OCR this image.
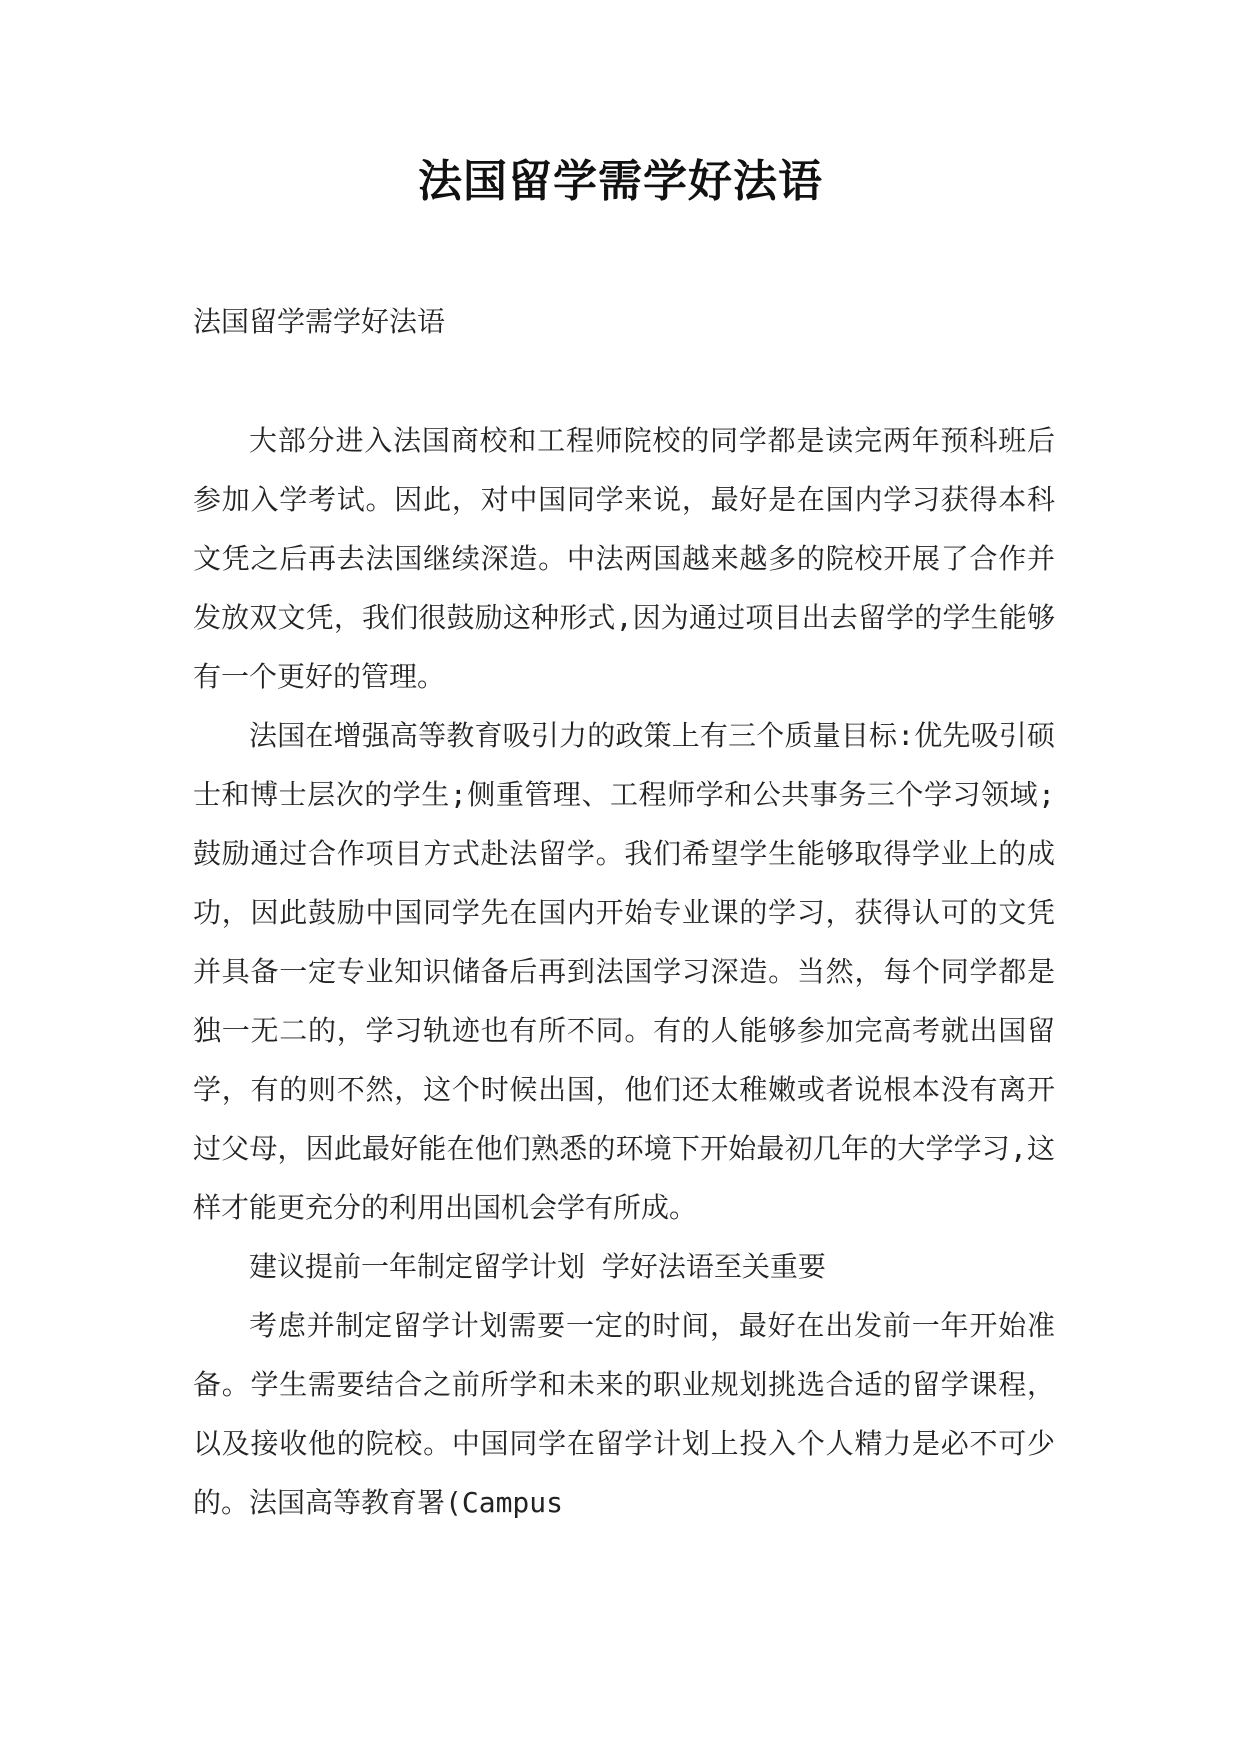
法国留学需学好法语

法国留学需学好法语

大部分进入法国商校和工程师院校的同学都是读完两年预科班后参加入学考试。因此，对中国同学来说，最好是在国内学习获得本科文凭之后再去法国继续深造。中法两国越来越多的院校开展了合作并发放双文凭，我们很鼓励这种形式,因为通过项目出去留学的学生能够有一个更好的管理。

法国在增强高等教育吸引力的政策上有三个质量目标:优先吸引硕士和博士层次的学生;侧重管理、工程师学和公共事务三个学习领域;鼓励通过合作项目方式赴法留学。我们希望学生能够取得学业上的成功，因此鼓励中国同学先在国内开始专业课的学习，获得认可的文凭并具备一定专业知识储备后再到法国学习深造。当然，每个同学都是独一无二的，学习轨迹也有所不同。有的人能够参加完高考就出国留学，有的则不然，这个时候出国，他们还太稚嫩或者说根本没有离开过父母，因此最好能在他们熟悉的环境下开始最初几年的大学学习,这样才能更充分的利用出国机会学有所成。

建议提前一年制定留学计划 学好法语至关重要

考虑并制定留学计划需要一定的时间，最好在出发前一年开始准备。学生需要结合之前所学和未来的职业规划挑选合适的留学课程，以及接收他的院校。中国同学在留学计划上投入个人精力是必不可少的。法国高等教育署(Campus
